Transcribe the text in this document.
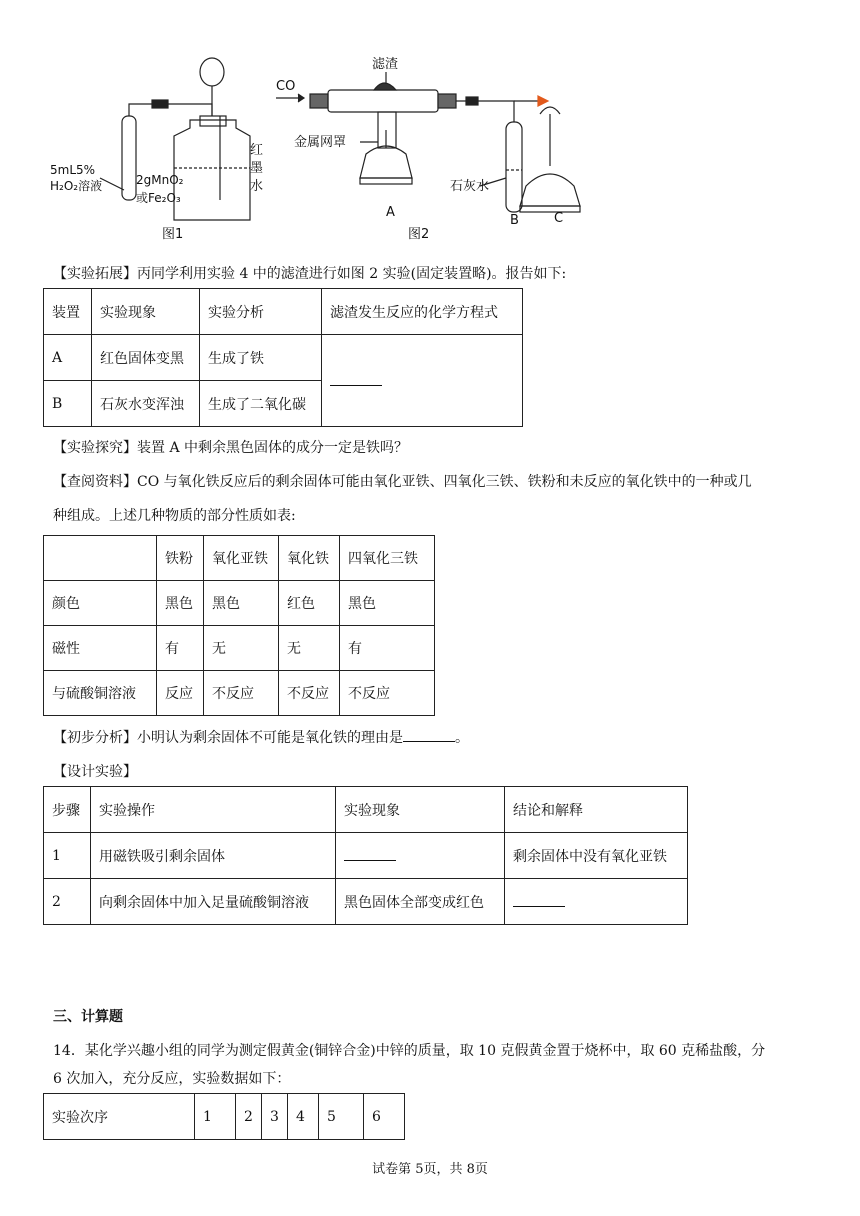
5mL5%
H₂O₂溶液	2gMnO₂
或Fe₂O₃
红
墨
水
CO
滤渣
金属网罩
石灰水
A
B	C
图1	图2
【实验拓展】丙同学利用实验 4 中的滤渣进行如图 2 实验(固定装置略)。报告如下:
装置	实验现象	实验分析	滤渣发生反应的化学方程式
A	红色固体变黑	生成了铁	
B	石灰水变浑浊	生成了二氧化碳	
【实验探究】装置 A 中剩余黑色固体的成分一定是铁吗？
【查阅资料】CO 与氧化铁反应后的剩余固体可能由氧化亚铁、四氧化三铁、铁粉和未反应的氧化铁中的一种或几
种组成。上述几种物质的部分性质如表:
	铁粉	氧化亚铁	氧化铁	四氧化三铁
颜色	黑色	黑色	红色	黑色
磁性	有	无	无	有
与硫酸铜溶液	反应	不反应	不反应	不反应
【初步分析】小明认为剩余固体不可能是氧化铁的理由是	。
【设计实验】
步骤	实验操作	实验现象	结论和解释
1	用磁铁吸引剩余固体		剩余固体中没有氧化亚铁
2	向剩余固体中加入足量硫酸铜溶液	黑色固体全部变成红色	
三、计算题
14．某化学兴趣小组的同学为测定假黄金(铜锌合金)中锌的质量，取 10 克假黄金置于烧杯中，取 60 克稀盐酸，分
6 次加入，充分反应，实验数据如下：
实验次序	1	2	3	4	5	6
试卷第 5页，共 8页
